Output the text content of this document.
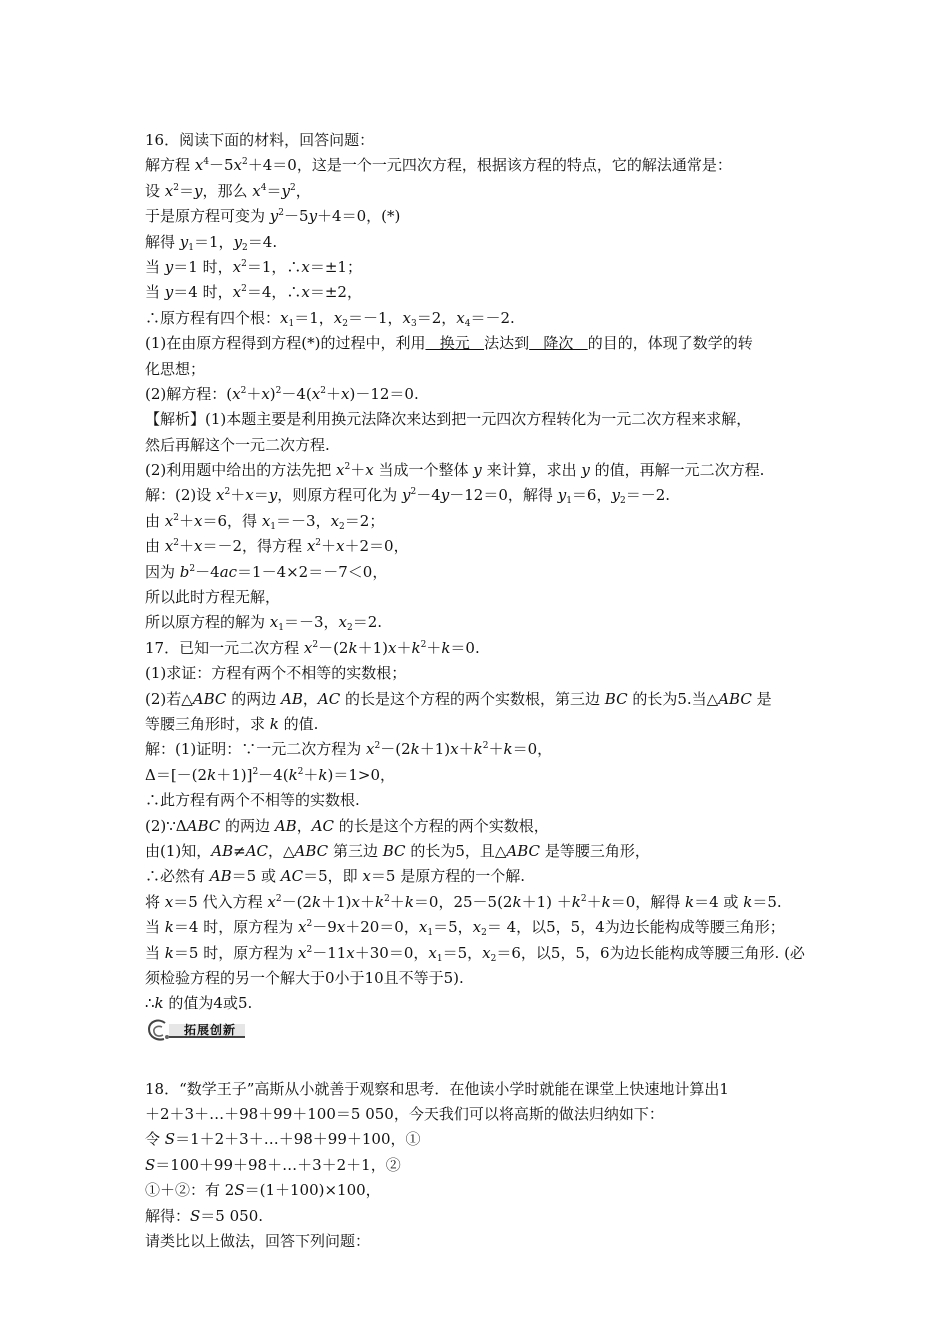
16．阅读下面的材料，回答问题：
解方程 $x^4-5x^2+4=0$，这是一个一元四次方程，根据该方程的特点，它的解法通常是：
设 $x^2=y$，那么 $x^4=y^2$，
于是原方程可变为 $y^2-5y+4=0$，(*)
解得 $y_1=1$，$y_2=4$.
当 y＝1 时，$x^2=1$，∴x＝±1；
当 y＝4 时，$x^2=4$，∴x＝±2，
∴原方程有四个根：$x_1=1$，$x_2=-1$，$x_3=2$，$x_4=-2$.
(1)在由原方程得到方程(*)的过程中，利用   换元   法达到   降次   的目的，体现了数学的转
化思想；
(2)解方程：$(x^2+x)^2-4(x^2+x)-12=0$.
【解析】(1)本题主要是利用换元法降次来达到把一元四次方程转化为一元二次方程来求解，
然后再解这个一元二次方程.
(2)利用题中给出的方法先把 $x^2+x$ 当成一个整体 y 来计算，求出 y 的值，再解一元二次方程.
解：(2)设 $x^2+x=y$，则原方程可化为 $y^2-4y-12=0$，解得 $y_1=6$，$y_2=-2$.
由 $x^2+x=6$，得 $x_1=-3$，$x_2=2$；
由 $x^2+x=-2$，得方程 $x^2+x+2=0$，
因为 $b^2-4ac=1-4\times 2=-7<0$，
所以此时方程无解，
所以原方程的解为 $x_1=-3$，$x_2=2$.
17．已知一元二次方程 $x^2-(2k+1)x+k^2+k=0$.
(1)求证：方程有两个不相等的实数根；
(2)若△ABC 的两边 AB，AC 的长是这个方程的两个实数根，第三边 BC 的长为5.当△ABC 是
等腰三角形时，求 k 的值.
解：(1)证明：∵一元二次方程为 $x^2-(2k+1)x+k^2+k=0$，
$\Delta=[-(2k+1)]^2-4(k^2+k)=1>0$，
∴此方程有两个不相等的实数根.
(2)∵ΔABC 的两边 AB，AC 的长是这个方程的两个实数根，
由(1)知，AB≠AC，△ABC 第三边 BC 的长为5，且△ABC 是等腰三角形，
∴必然有 AB＝5 或 AC＝5，即 x＝5 是原方程的一个解.
将 x＝5 代入方程 $x^2-(2k+1)x+k^2+k=0$，$25-5(2k+1) +k^2+k=0$，解得 k＝4 或 k＝5.
当 k＝4 时，原方程为 $x^2-9x+20=0$，$x_1=5$，$x_2= 4$，以5，5，4为边长能构成等腰三角形；
当 k＝5 时，原方程为 $x^2-11x+30=0$，$x_1=5$，$x_2=6$，以5，5，6为边长能构成等腰三角形. (必
须检验方程的另一个解大于0小于10且不等于5).
∴k 的值为4或5.
拓展创新
18．“数学王子”高斯从小就善于观察和思考．在他读小学时就能在课堂上快速地计算出1
＋2＋3＋…＋98＋99＋100＝5 050，今天我们可以将高斯的做法归纳如下：
令 S＝1＋2＋3＋…＋98＋99＋100，①
S＝100＋99＋98＋…＋3＋2＋1，②
①＋②：有 2S＝(1＋100)×100，
解得：S＝5 050.
请类比以上做法，回答下列问题：
